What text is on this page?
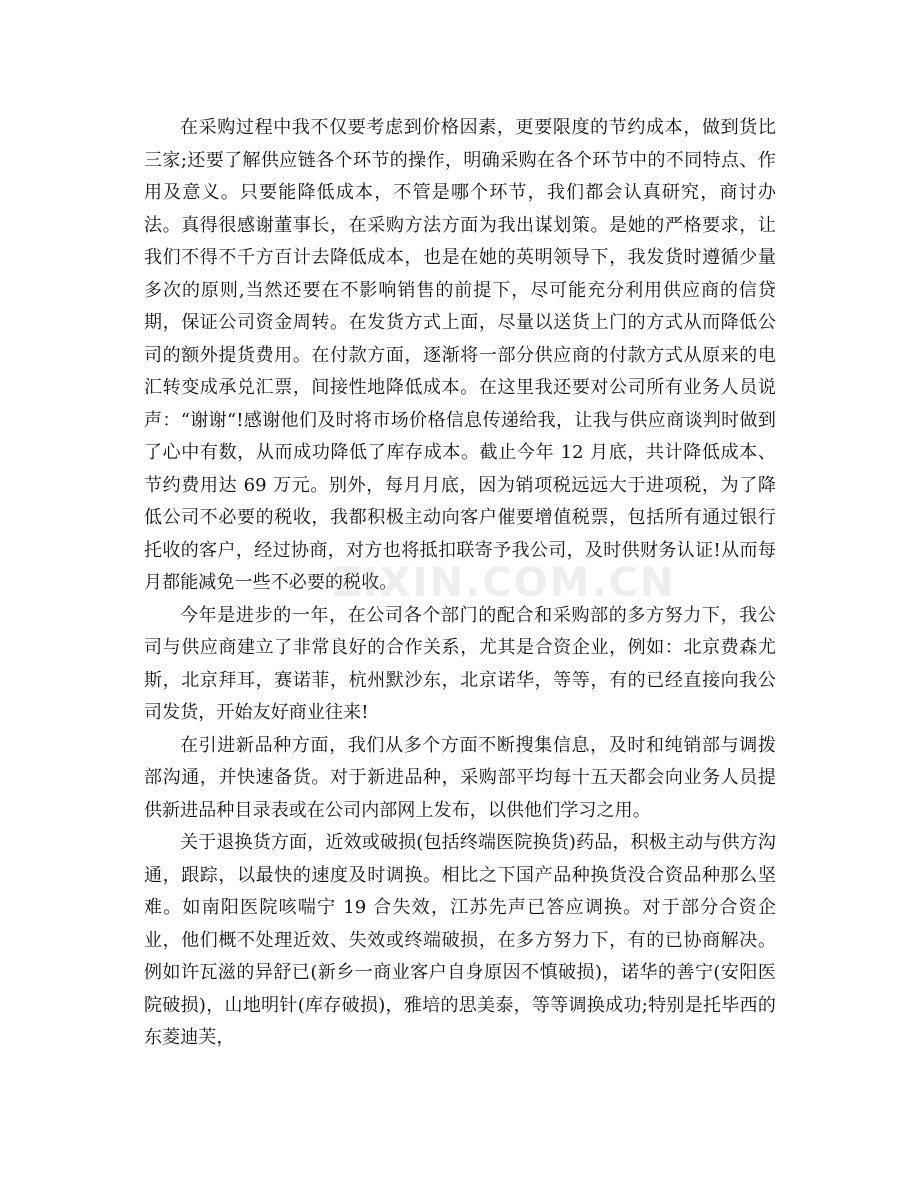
在采购过程中我不仅要考虑到价格因素，更要限度的节约成本，做到货比三家;还要了解供应链各个环节的操作，明确采购在各个环节中的不同特点、作用及意义。只要能降低成本，不管是哪个环节，我们都会认真研究，商讨办法。真得很感谢董事长，在采购方法方面为我出谋划策。是她的严格要求，让我们不得不千方百计去降低成本，也是在她的英明领导下，我发货时遵循少量多次的原则,当然还要在不影响销售的前提下，尽可能充分利用供应商的信贷期，保证公司资金周转。在发货方式上面，尽量以送货上门的方式从而降低公司的额外提货费用。在付款方面，逐渐将一部分供应商的付款方式从原来的电汇转变成承兑汇票，间接性地降低成本。在这里我还要对公司所有业务人员说声：“谢谢“!感谢他们及时将市场价格信息传递给我，让我与供应商谈判时做到了心中有数，从而成功降低了库存成本。截止今年 12 月底，共计降低成本、节约费用达 69 万元。别外，每月月底，因为销项税远远大于进项税，为了降低公司不必要的税收，我都积极主动向客户催要增值税票，包括所有通过银行托收的客户，经过协商，对方也将抵扣联寄予我公司，及时供财务认证!从而每月都能减免一些不必要的税收。

今年是进步的一年，在公司各个部门的配合和采购部的多方努力下，我公司与供应商建立了非常良好的合作关系，尤其是合资企业，例如：北京费森尤斯，北京拜耳，赛诺菲，杭州默沙东，北京诺华，等等，有的已经直接向我公司发货，开始友好商业往来!

在引进新品种方面，我们从多个方面不断搜集信息，及时和纯销部与调拨部沟通，并快速备货。对于新进品种，采购部平均每十五天都会向业务人员提供新进品种目录表或在公司内部网上发布，以供他们学习之用。

关于退换货方面，近效或破损(包括终端医院换货)药品，积极主动与供方沟通，跟踪，以最快的速度及时调换。相比之下国产品种换货没合资品种那么坚难。如南阳医院咳喘宁 19 合失效，江苏先声已答应调换。对于部分合资企业，他们概不处理近效、失效或终端破损，在多方努力下，有的已协商解决。例如许瓦滋的异舒已(新乡一商业客户自身原因不慎破损)，诺华的善宁(安阳医院破损)，山地明针(库存破损)，雅培的思美泰，等等调换成功;特别是托毕西的东菱迪芙，

ZIXIN.COM.CN
